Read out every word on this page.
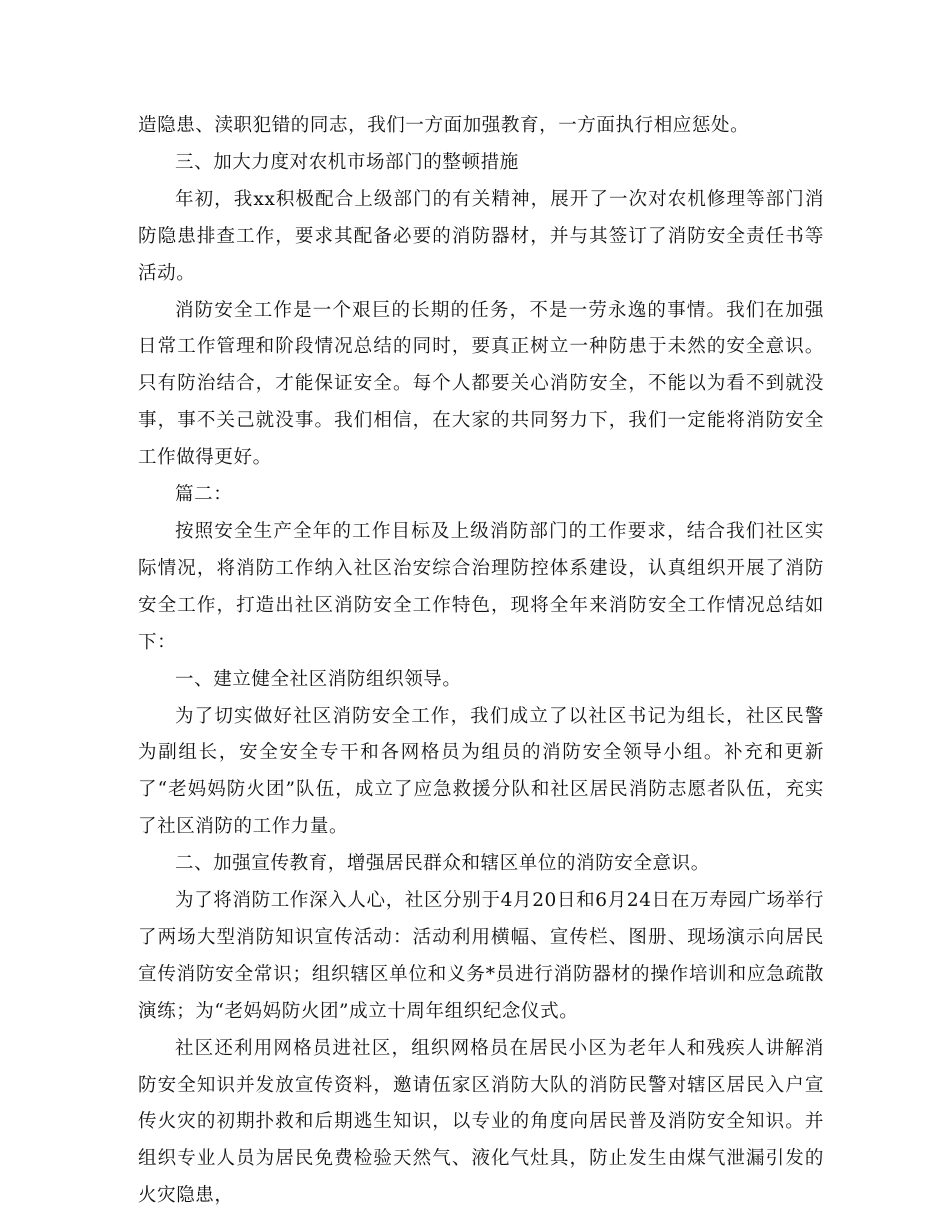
造隐患、渎职犯错的同志，我们一方面加强教育，一方面执行相应惩处。

三、加大力度对农机市场部门的整顿措施

年初，我xx积极配合上级部门的有关精神，展开了一次对农机修理等部门消防隐患排查工作，要求其配备必要的消防器材，并与其签订了消防安全责任书等活动。

消防安全工作是一个艰巨的长期的任务，不是一劳永逸的事情。我们在加强日常工作管理和阶段情况总结的同时，要真正树立一种防患于未然的安全意识。只有防治结合，才能保证安全。每个人都要关心消防安全，不能以为看不到就没事，事不关己就没事。我们相信，在大家的共同努力下，我们一定能将消防安全工作做得更好。

篇二：

按照安全生产全年的工作目标及上级消防部门的工作要求，结合我们社区实际情况，将消防工作纳入社区治安综合治理防控体系建设，认真组织开展了消防安全工作，打造出社区消防安全工作特色，现将全年来消防安全工作情况总结如下：

一、建立健全社区消防组织领导。

为了切实做好社区消防安全工作，我们成立了以社区书记为组长，社区民警为副组长，安全安全专干和各网格员为组员的消防安全领导小组。补充和更新了“老妈妈防火团”队伍，成立了应急救援分队和社区居民消防志愿者队伍，充实了社区消防的工作力量。

二、加强宣传教育，增强居民群众和辖区单位的消防安全意识。

为了将消防工作深入人心，社区分别于4月20日和6月24日在万寿园广场举行了两场大型消防知识宣传活动：活动利用横幅、宣传栏、图册、现场演示向居民宣传消防安全常识；组织辖区单位和义务*员进行消防器材的操作培训和应急疏散演练；为“老妈妈防火团”成立十周年组织纪念仪式。

社区还利用网格员进社区，组织网格员在居民小区为老年人和残疾人讲解消防安全知识并发放宣传资料，邀请伍家区消防大队的消防民警对辖区居民入户宣传火灾的初期扑救和后期逃生知识，以专业的角度向居民普及消防安全知识。并组织专业人员为居民免费检验天然气、液化气灶具，防止发生由煤气泄漏引发的火灾隐患，
